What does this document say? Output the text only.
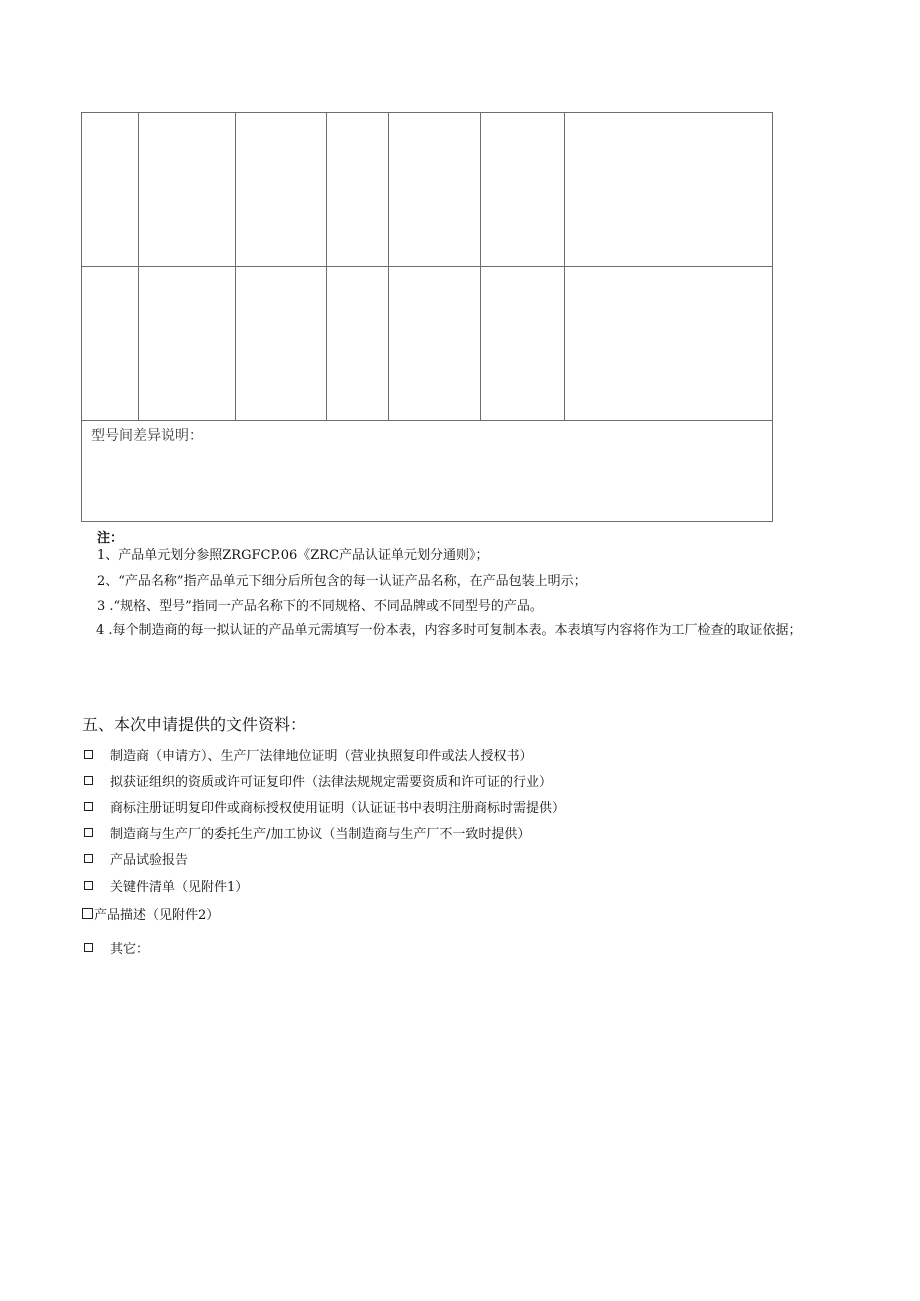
型号间差异说明：
注：
1、产品单元划分参照ZRGFCP.06《ZRC产品认证单元划分通则》；
2、“产品名称”指产品单元下细分后所包含的每一认证产品名称，在产品包装上明示；
3 .“规格、型号”指同一产品名称下的不同规格、不同品牌或不同型号的产品。
4 .每个制造商的每一拟认证的产品单元需填写一份本表，内容多时可复制本表。本表填写内容将作为工厂检查的取证依据；
五、本次申请提供的文件资料：
制造商（申请方）、生产厂法律地位证明（营业执照复印件或法人授权书）
拟获证组织的资质或许可证复印件（法律法规规定需要资质和许可证的行业）
商标注册证明复印件或商标授权使用证明（认证证书中表明注册商标时需提供）
制造商与生产厂的委托生产/加工协议（当制造商与生产厂不一致时提供）
产品试验报告
关键件清单（见附件1）
产品描述（见附件2）
其它：
